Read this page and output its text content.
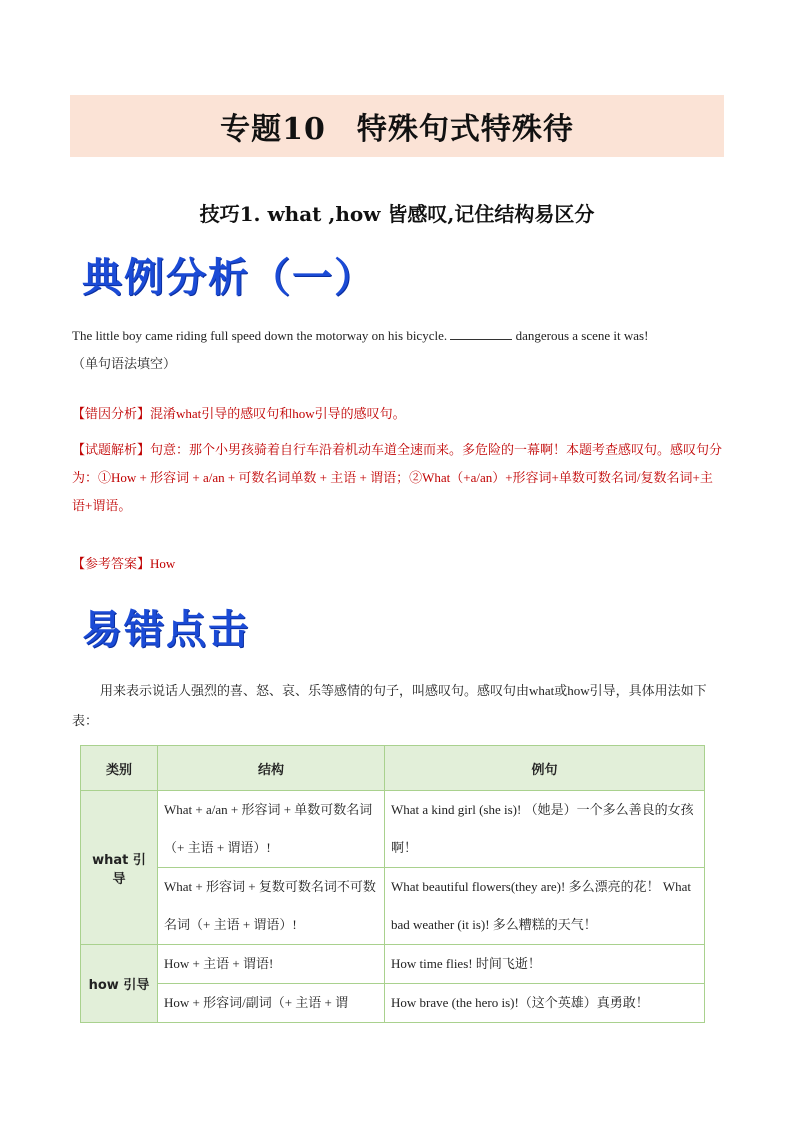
专题10　特殊句式特殊待
技巧1. what ,how 皆感叹,记住结构易区分
典例分析（一）
The little boy came riding full speed down the motorway on his bicycle.	dangerous a scene it was!
（单句语法填空）
【错因分析】混淆what引导的感叹句和how引导的感叹句。
【试题解析】句意：那个小男孩骑着自行车沿着机动车道全速而来。多危险的一幕啊！本题考查感叹句。感叹句分为：①How + 形容词 + a/an + 可数名词单数 + 主语 + 谓语；②What（+a/an）+形容词+单数可数名词/复数名词+主语+谓语。
【参考答案】How
易错点击
用来表示说话人强烈的喜、怒、哀、乐等感情的句子，叫感叹句。感叹句由what或how引导，具体用法如下表：
类别	结构	例句
what 引导	What + a/an + 形容词 + 单数可数名词（+ 主语 + 谓语）!	What a kind girl (she is)! （她是）一个多么善良的女孩啊！
	What + 形容词 + 复数可数名词不可数名词（+ 主语 + 谓语）!	What beautiful flowers(they are)! 多么漂亮的花！ What bad weather (it is)! 多么糟糕的天气！
how 引导	How + 主语 + 谓语!	How time flies! 时间飞逝！
	How + 形容词/副词（+ 主语 + 谓	How brave (the hero is)!（这个英雄）真勇敢！
